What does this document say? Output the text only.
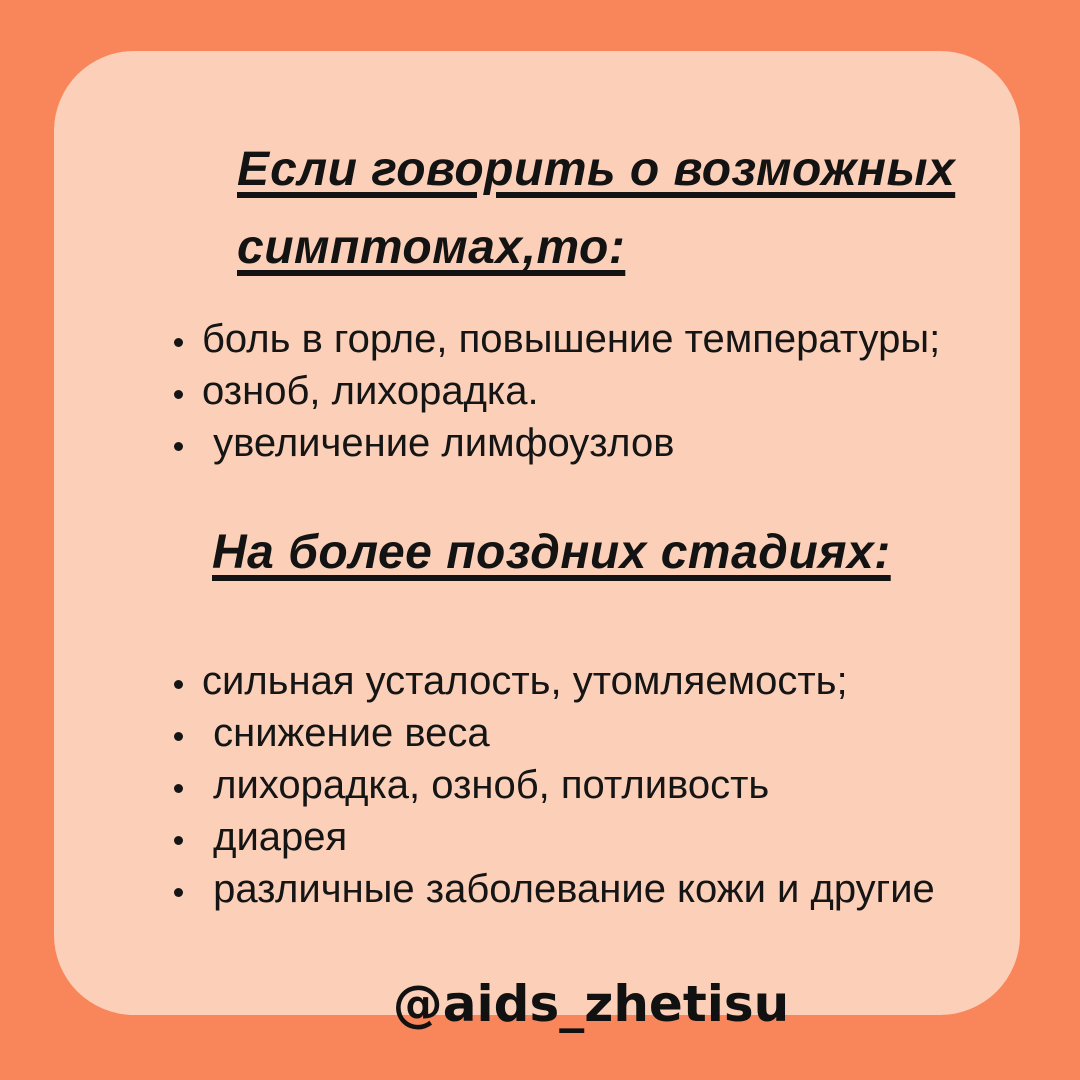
Если говорить о возможных
симптомах,то:
боль в горле, повышение температуры;
озноб, лихорадка.
увеличение лимфоузлов
На более поздних стадиях:
сильная усталость, утомляемость;
снижение веса
лихорадка, озноб, потливость
диарея
различные заболевание кожи и другие
@aids_zhetisu
